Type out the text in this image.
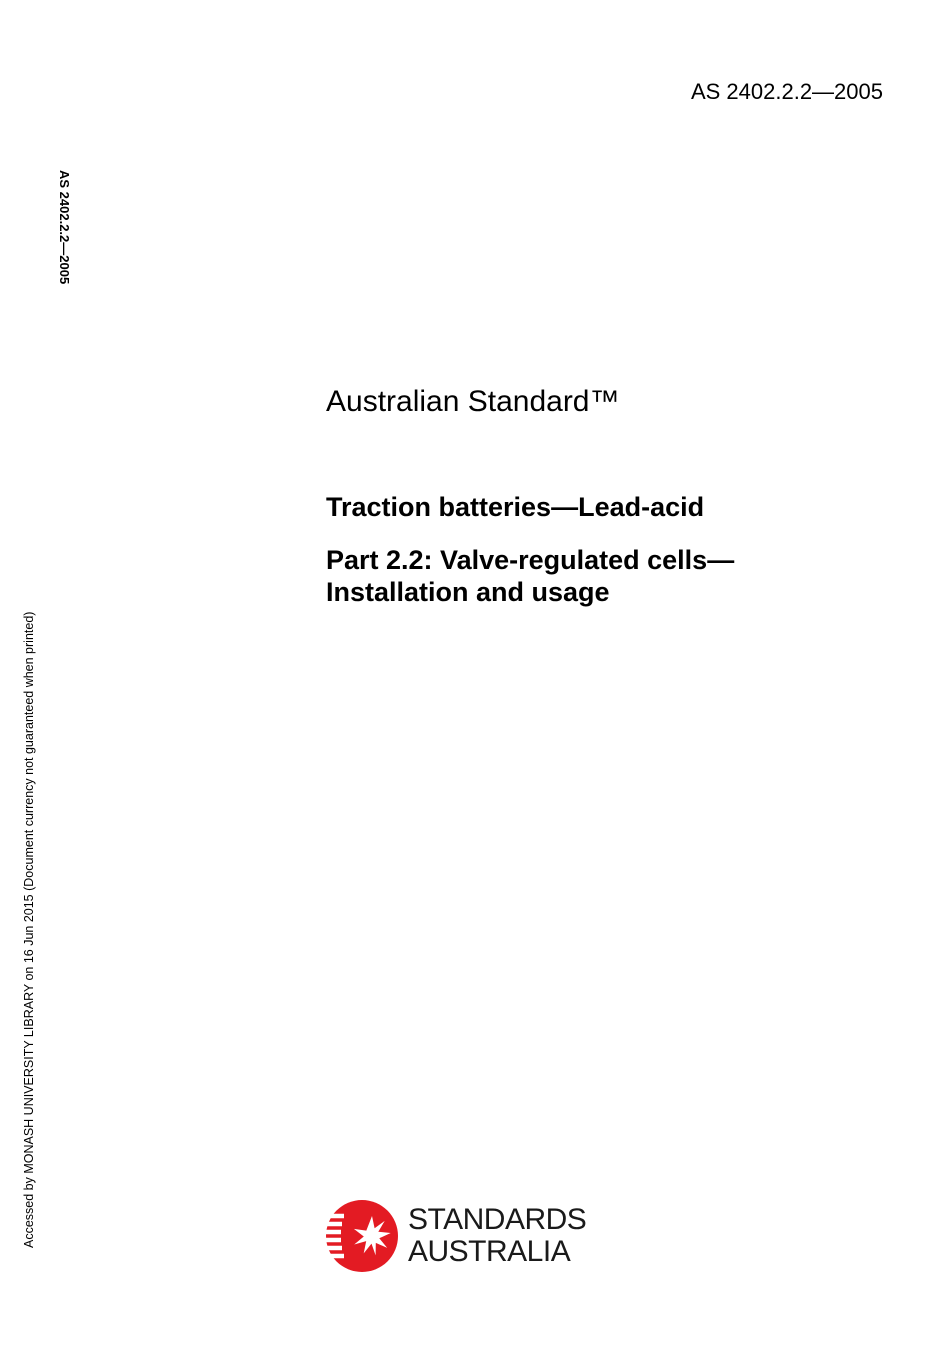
AS 2402.2.2—2005
AS 2402.2.2—2005
Accessed by MONASH UNIVERSITY LIBRARY on 16 Jun 2015 (Document currency not guaranteed when printed)
Australian Standard™
Traction batteries—Lead-acid
Part 2.2: Valve-regulated cells—
Installation and usage
STANDARDS
AUSTRALIA
